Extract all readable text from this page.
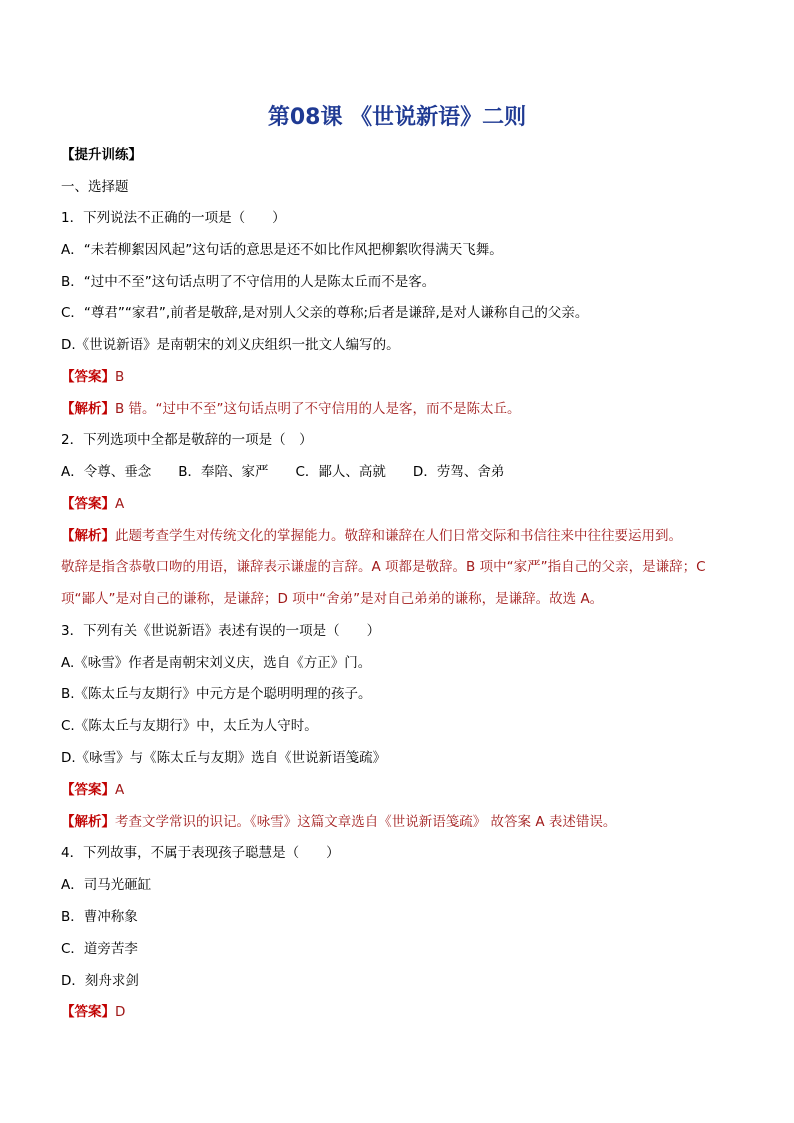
第08课 《世说新语》二则
【提升训练】
一、选择题
1．下列说法不正确的一项是（　　）
A．“未若柳絮因风起”这句话的意思是还不如比作风把柳絮吹得满天飞舞。
B．“过中不至”这句话点明了不守信用的人是陈太丘而不是客。
C．“尊君”“家君”,前者是敬辞,是对别人父亲的尊称;后者是谦辞,是对人谦称自己的父亲。
D.《世说新语》是南朝宋的刘义庆组织一批文人编写的。
【答案】B
【解析】B 错。“过中不至”这句话点明了不守信用的人是客，而不是陈太丘。
2．下列选项中全都是敬辞的一项是（　）
A．令尊、垂念　　B．奉陪、家严　　C．鄙人、高就　　D．劳驾、舍弟
【答案】A
【解析】此题考查学生对传统文化的掌握能力。敬辞和谦辞在人们日常交际和书信往来中往往要运用到。
敬辞是指含恭敬口吻的用语，谦辞表示谦虚的言辞。A 项都是敬辞。B 项中“家严”指自己的父亲，是谦辞；C
项“鄙人”是对自己的谦称，是谦辞；D 项中“舍弟”是对自己弟弟的谦称，是谦辞。故选 A。
3．下列有关《世说新语》表述有误的一项是（　　）
A.《咏雪》作者是南朝宋刘义庆，选自《方正》门。
B.《陈太丘与友期行》中元方是个聪明明理的孩子。
C.《陈太丘与友期行》中，太丘为人守时。
D.《咏雪》与《陈太丘与友期》选自《世说新语笺疏》
【答案】A
【解析】考查文学常识的识记。《咏雪》这篇文章选自《世说新语笺疏》 故答案 A 表述错误。
4．下列故事，不属于表现孩子聪慧是（　　）
A．司马光砸缸
B．曹冲称象
C．道旁苦李
D．刻舟求剑
【答案】D
